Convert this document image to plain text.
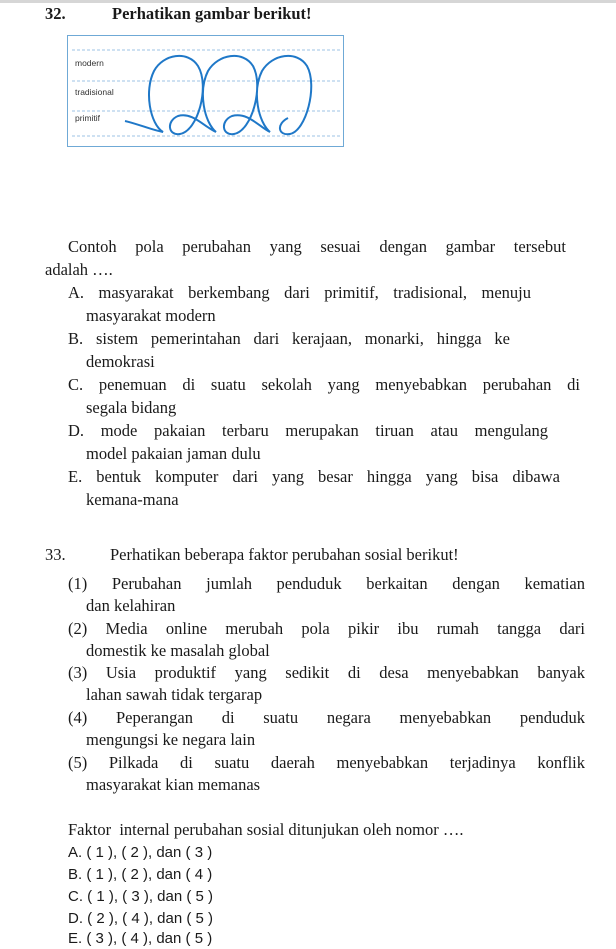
32.	Perhatikan gambar berikut!
modern
tradisional
primitif
Contoh pola perubahan yang sesuai dengan gambar tersebut
adalah ….
A. masyarakat berkembang dari primitif, tradisional, menuju
masyarakat modern
B. sistem pemerintahan dari kerajaan, monarki, hingga ke
demokrasi
C. penemuan di suatu sekolah yang menyebabkan perubahan di
segala bidang
D. mode pakaian terbaru merupakan tiruan atau mengulang
model pakaian jaman dulu
E. bentuk komputer dari yang besar hingga yang bisa dibawa
kemana-mana
33.	Perhatikan beberapa faktor perubahan sosial berikut!
(1) Perubahan jumlah penduduk berkaitan dengan kematian
dan kelahiran
(2) Media online merubah pola pikir ibu rumah tangga dari
domestik ke masalah global
(3) Usia produktif yang sedikit di desa menyebabkan banyak
lahan sawah tidak tergarap
(4) Peperangan di suatu negara menyebabkan penduduk
mengungsi ke negara lain
(5) Pilkada di suatu daerah menyebabkan terjadinya konflik
masyarakat kian memanas
Faktor  internal perubahan sosial ditunjukan oleh nomor ….
A. ( 1 ), ( 2 ), dan ( 3 )
B. ( 1 ), ( 2 ), dan ( 4 )
C. ( 1 ), ( 3 ), dan ( 5 )
D. ( 2 ), ( 4 ), dan ( 5 )
E. ( 3 ), ( 4 ), dan ( 5 )
